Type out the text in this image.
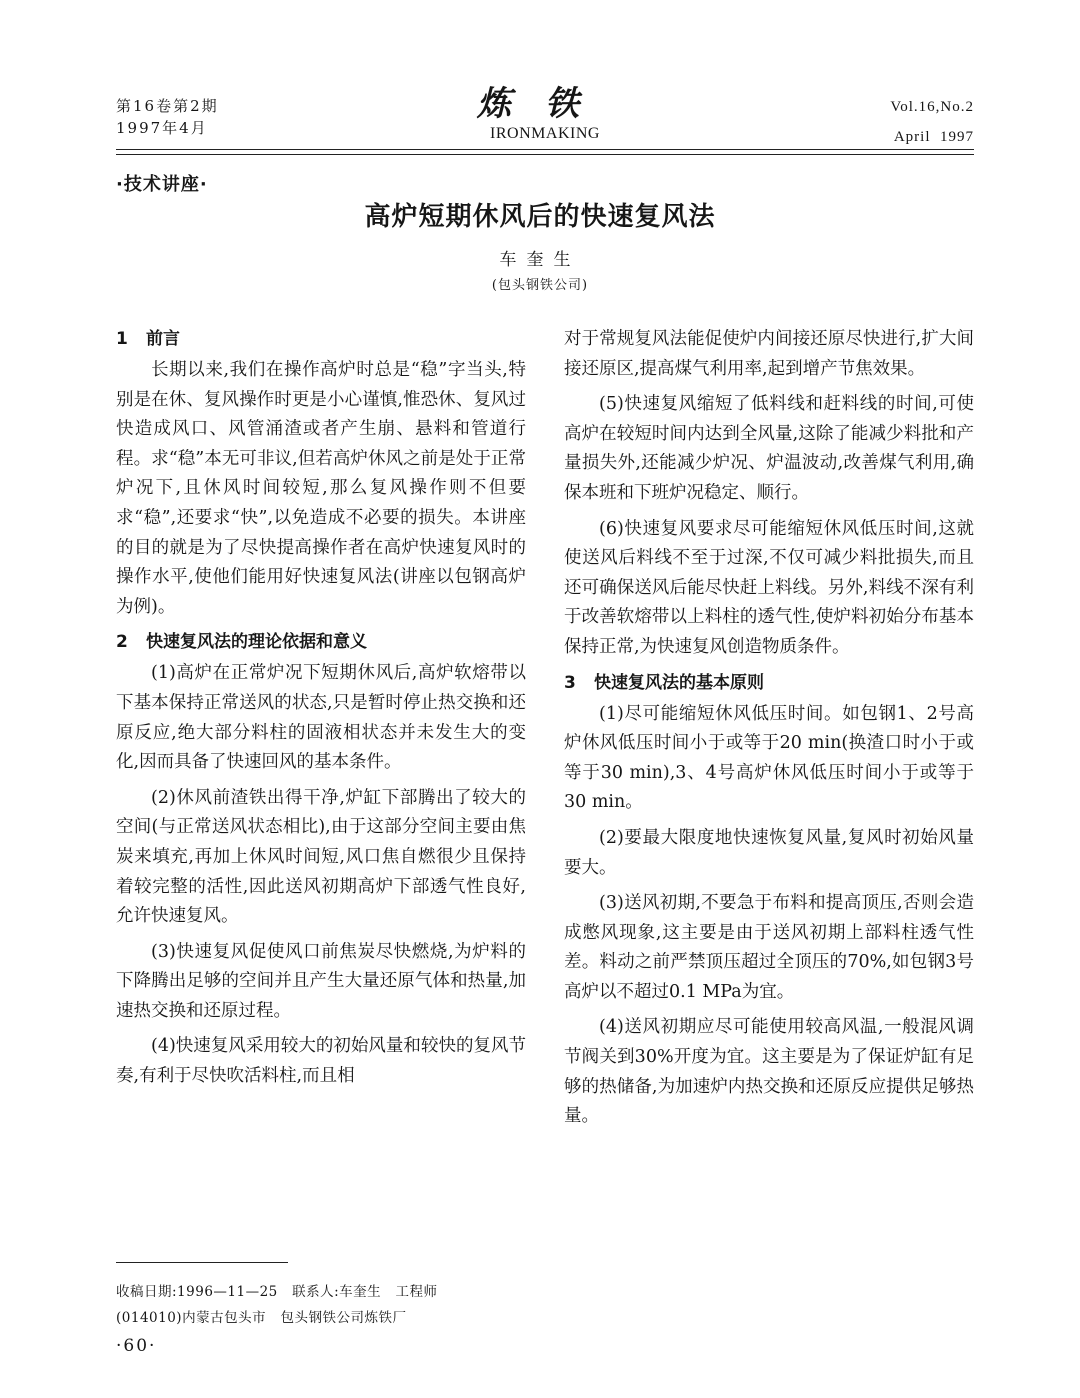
第16卷第2期
1997年4月
炼铁
IRONMAKING
Vol.16,No.2
April  1997
·技术讲座·
高炉短期休风后的快速复风法
车奎生
(包头钢铁公司)
1 前言

长期以来,我们在操作高炉时总是“稳”字当头,特别是在休、复风操作时更是小心谨慎,惟恐休、复风过快造成风口、风管涌渣或者产生崩、悬料和管道行程。求“稳”本无可非议,但若高炉休风之前是处于正常炉况下,且休风时间较短,那么复风操作则不但要求“稳”,还要求“快”,以免造成不必要的损失。本讲座的目的就是为了尽快提高操作者在高炉快速复风时的操作水平,使他们能用好快速复风法(讲座以包钢高炉为例)。

2 快速复风法的理论依据和意义

(1)高炉在正常炉况下短期休风后,高炉软熔带以下基本保持正常送风的状态,只是暂时停止热交换和还原反应,绝大部分料柱的固液相状态并未发生大的变化,因而具备了快速回风的基本条件。

(2)休风前渣铁出得干净,炉缸下部腾出了较大的空间(与正常送风状态相比),由于这部分空间主要由焦炭来填充,再加上休风时间短,风口焦自燃很少且保持着较完整的活性,因此送风初期高炉下部透气性良好,允许快速复风。

(3)快速复风促使风口前焦炭尽快燃烧,为炉料的下降腾出足够的空间并且产生大量还原气体和热量,加速热交换和还原过程。

(4)快速复风采用较大的初始风量和较快的复风节奏,有利于尽快吹活料柱,而且相

对于常规复风法能促使炉内间接还原尽快进行,扩大间接还原区,提高煤气利用率,起到增产节焦效果。

(5)快速复风缩短了低料线和赶料线的时间,可使高炉在较短时间内达到全风量,这除了能减少料批和产量损失外,还能减少炉况、炉温波动,改善煤气利用,确保本班和下班炉况稳定、顺行。

(6)快速复风要求尽可能缩短休风低压时间,这就使送风后料线不至于过深,不仅可减少料批损失,而且还可确保送风后能尽快赶上料线。另外,料线不深有利于改善软熔带以上料柱的透气性,使炉料初始分布基本保持正常,为快速复风创造物质条件。

3 快速复风法的基本原则

(1)尽可能缩短休风低压时间。如包钢1、2号高炉休风低压时间小于或等于20 min(换渣口时小于或等于30 min),3、4号高炉休风低压时间小于或等于30 min。

(2)要最大限度地快速恢复风量,复风时初始风量要大。

(3)送风初期,不要急于布料和提高顶压,否则会造成憋风现象,这主要是由于送风初期上部料柱透气性差。料动之前严禁顶压超过全顶压的70%,如包钢3号高炉以不超过0.1 MPa为宜。

(4)送风初期应尽可能使用较高风温,一般混风调节阀关到30%开度为宜。这主要是为了保证炉缸有足够的热储备,为加速炉内热交换和还原反应提供足够热量。

收稿日期:1996—11—25   联系人:车奎生   工程师
(014010)内蒙古包头市   包头钢铁公司炼铁厂
·60·
